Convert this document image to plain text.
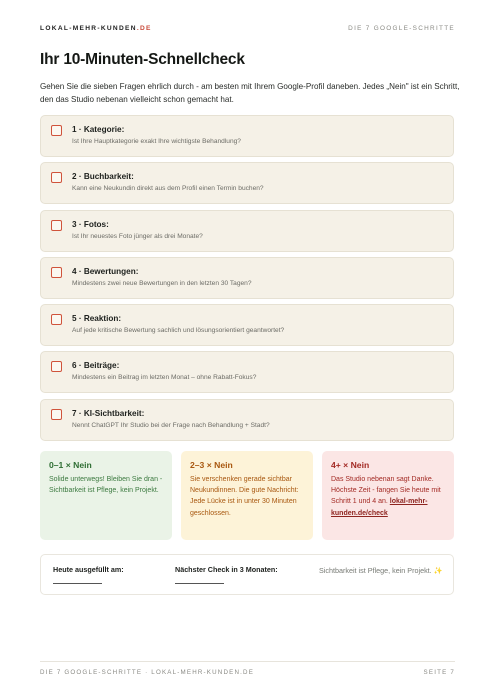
LOKAL-MEHR-KUNDEN.DE	DIE 7 GOOGLE-SCHRITTE
Ihr 10-Minuten-Schnellcheck

Gehen Sie die sieben Fragen ehrlich durch - am besten mit Ihrem Google-Profil daneben. Jedes „Nein" ist ein Schritt, den das Studio nebenan vielleicht schon gemacht hat.

1 · Kategorie:
Ist Ihre Hauptkategorie exakt Ihre wichtigste Behandlung?
2 · Buchbarkeit:
Kann eine Neukundin direkt aus dem Profil einen Termin buchen?
3 · Fotos:
Ist Ihr neuestes Foto jünger als drei Monate?
4 · Bewertungen:
Mindestens zwei neue Bewertungen in den letzten 30 Tagen?
5 · Reaktion:
Auf jede kritische Bewertung sachlich und lösungsorientiert geantwortet?
6 · Beiträge:
Mindestens ein Beitrag im letzten Monat – ohne Rabatt-Fokus?
7 · KI-Sichtbarkeit:
Nennt ChatGPT Ihr Studio bei der Frage nach Behandlung + Stadt?
0–1 × Nein
Solide unterwegs! Bleiben Sie dran - Sichtbarkeit ist Pflege, kein Projekt.
2–3 × Nein
Sie verschenken gerade sichtbar Neukundinnen. Die gute Nachricht: Jede Lücke ist in unter 30 Minuten geschlossen.
4+ × Nein
Das Studio nebenan sagt Danke. Höchste Zeit - fangen Sie heute mit Schritt 1 und 4 an. lokal-mehr-kunden.de/check
Heute ausgefüllt am:	Nächster Check in 3 Monaten:	Sichtbarkeit ist Pflege, kein Projekt. ✨
DIE 7 GOOGLE-SCHRITTE · LOKAL-MEHR-KUNDEN.DE	SEITE 7
